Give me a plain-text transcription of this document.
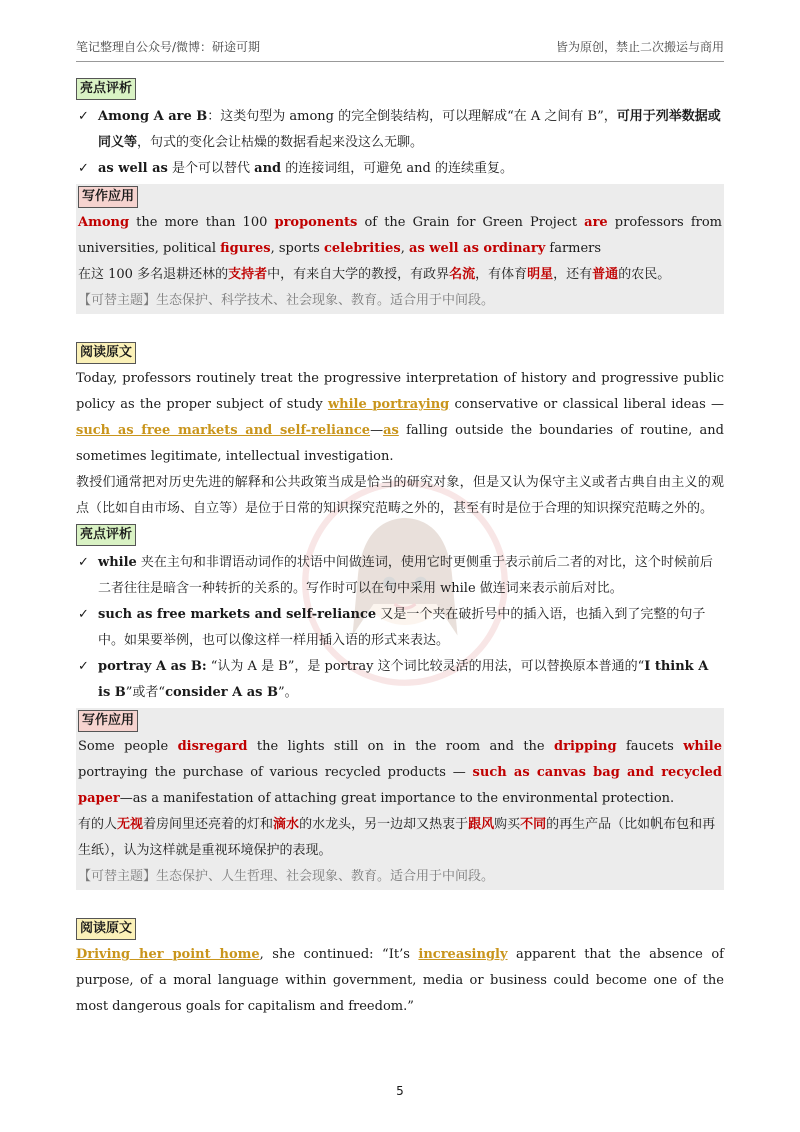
笔记整理自公众号/微博：研途可期	皆为原创，禁止二次搬运与商用
亮点评析
✓ Among A are B：这类句型为 among 的完全倒装结构，可以理解成“在 A 之间有 B”，可用于列举数据或同义等，句式的变化会让枯燥的数据看起来没这么无聊。
✓ as well as 是个可以替代 and 的连接词组，可避免 and 的连续重复。
写作应用
Among the more than 100 proponents of the Grain for Green Project are professors from universities, political figures, sports celebrities, as well as ordinary farmers
在这 100 多名退耕还林的支持者中，有来自大学的教授，有政界名流，有体育明星，还有普通的农民。
【可替主题】生态保护、科学技术、社会现象、教育。适合用于中间段。
阅读原文
Today, professors routinely treat the progressive interpretation of history and progressive public policy as the proper subject of study while portraying conservative or classical liberal ideas —such as free markets and self-reliance—as falling outside the boundaries of routine, and sometimes legitimate, intellectual investigation.
教授们通常把对历史先进的解释和公共政策当成是恰当的研究对象，但是又认为保守主义或者古典自由主义的观点（比如自由市场、自立等）是位于日常的知识探究范畴之外的，甚至有时是位于合理的知识探究范畴之外的。
亮点评析
✓ while 夹在主句和非谓语动词作的状语中间做连词，使用它时更侧重于表示前后二者的对比，这个时候前后二者往往是暗含一种转折的关系的。写作时可以在句中采用 while 做连词来表示前后对比。
✓ such as free markets and self-reliance 又是一个夹在破折号中的插入语，也插入到了完整的句子中。如果要举例，也可以像这样一样用插入语的形式来表达。
✓ portray A as B: “认为 A 是 B”，是 portray 这个词比较灵活的用法，可以替换原本普通的“I think A is B”或者“consider A as B”。
写作应用
Some people disregard the lights still on in the room and the dripping faucets while portraying the purchase of various recycled products — such as canvas bag and recycled paper—as a manifestation of attaching great importance to the environmental protection.
有的人无视着房间里还亮着的灯和滴水的水龙头，另一边却又热衷于跟风购买不同的再生产品（比如帆布包和再生纸），认为这样就是重视环境保护的表现。
【可替主题】生态保护、人生哲理、社会现象、教育。适合用于中间段。
阅读原文
Driving her point home, she continued: “It’s increasingly apparent that the absence of purpose, of a moral language within government, media or business could become one of the most dangerous goals for capitalism and freedom.”
5
